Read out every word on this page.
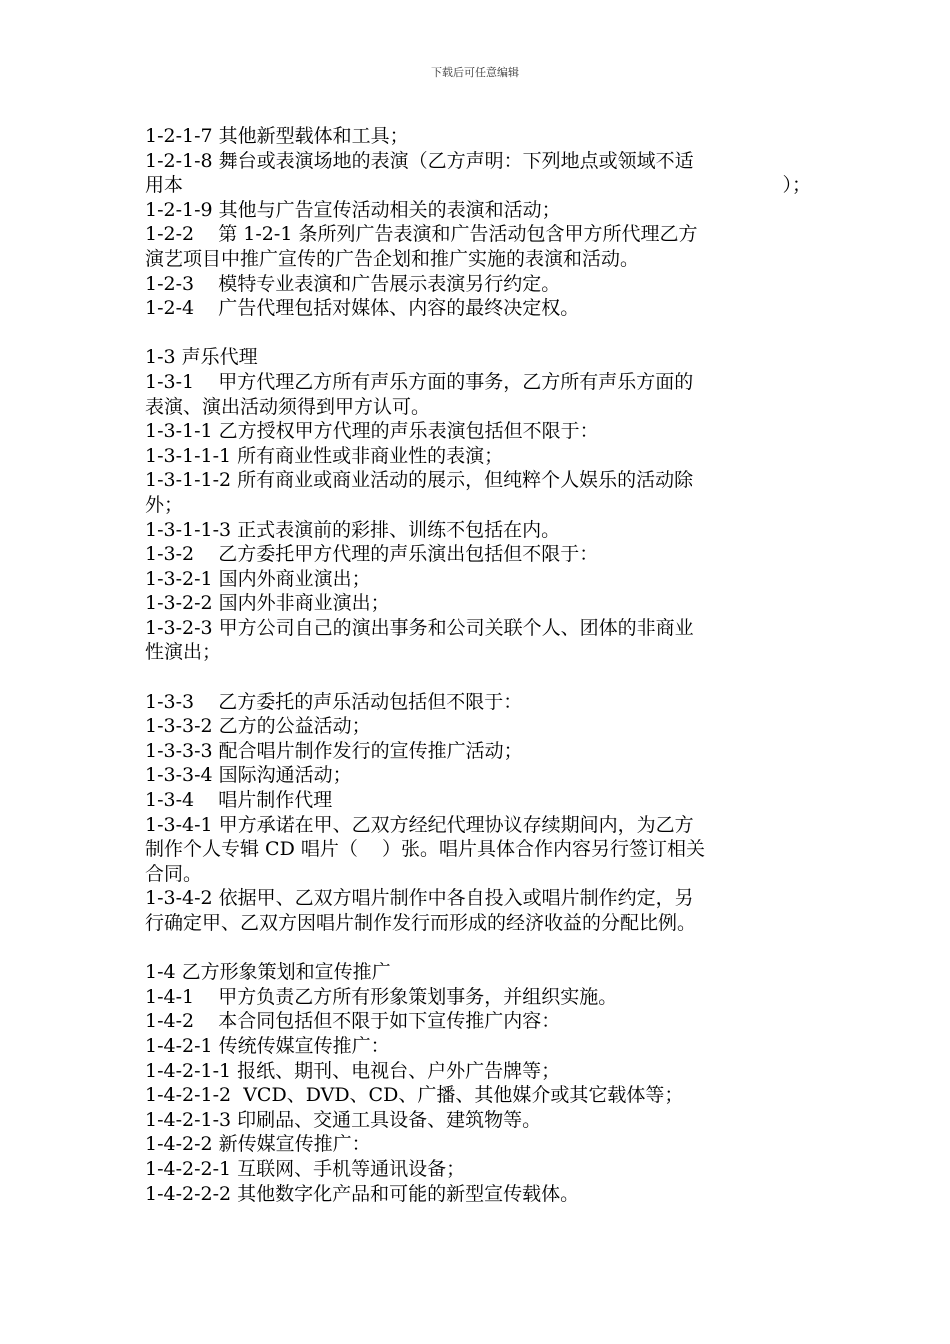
下载后可任意编辑
1-2-1-7 其他新型载体和工具；
1-2-1-8 舞台或表演场地的表演（乙方声明：下列地点或领域不适
用本	）；
1-2-1-9 其他与广告宣传活动相关的表演和活动；
1-2-2    第 1-2-1 条所列广告表演和广告活动包含甲方所代理乙方
演艺项目中推广宣传的广告企划和推广实施的表演和活动。
1-2-3    模特专业表演和广告展示表演另行约定。
1-2-4    广告代理包括对媒体、内容的最终决定权。
1-3 声乐代理
1-3-1    甲方代理乙方所有声乐方面的事务，乙方所有声乐方面的
表演、演出活动须得到甲方认可。
1-3-1-1 乙方授权甲方代理的声乐表演包括但不限于：
1-3-1-1-1 所有商业性或非商业性的表演；
1-3-1-1-2 所有商业或商业活动的展示，但纯粹个人娱乐的活动除
外；
1-3-1-1-3 正式表演前的彩排、训练不包括在内。
1-3-2    乙方委托甲方代理的声乐演出包括但不限于：
1-3-2-1 国内外商业演出；
1-3-2-2 国内外非商业演出；
1-3-2-3 甲方公司自己的演出事务和公司关联个人、团体的非商业
性演出；
1-3-3    乙方委托的声乐活动包括但不限于：
1-3-3-2 乙方的公益活动；
1-3-3-3 配合唱片制作发行的宣传推广活动；
1-3-3-4 国际沟通活动；
1-3-4    唱片制作代理
1-3-4-1 甲方承诺在甲、乙双方经纪代理协议存续期间内，为乙方
制作个人专辑 CD 唱片（    ）张。唱片具体合作内容另行签订相关
合同。
1-3-4-2 依据甲、乙双方唱片制作中各自投入或唱片制作约定，另
行确定甲、乙双方因唱片制作发行而形成的经济收益的分配比例。
1-4 乙方形象策划和宣传推广
1-4-1    甲方负责乙方所有形象策划事务，并组织实施。
1-4-2    本合同包括但不限于如下宣传推广内容：
1-4-2-1 传统传媒宣传推广：
1-4-2-1-1 报纸、期刊、电视台、户外广告牌等；
1-4-2-1-2  VCD、DVD、CD、广播、其他媒介或其它载体等；
1-4-2-1-3 印刷品、交通工具设备、建筑物等。
1-4-2-2 新传媒宣传推广：
1-4-2-2-1 互联网、手机等通讯设备；
1-4-2-2-2 其他数字化产品和可能的新型宣传载体。
